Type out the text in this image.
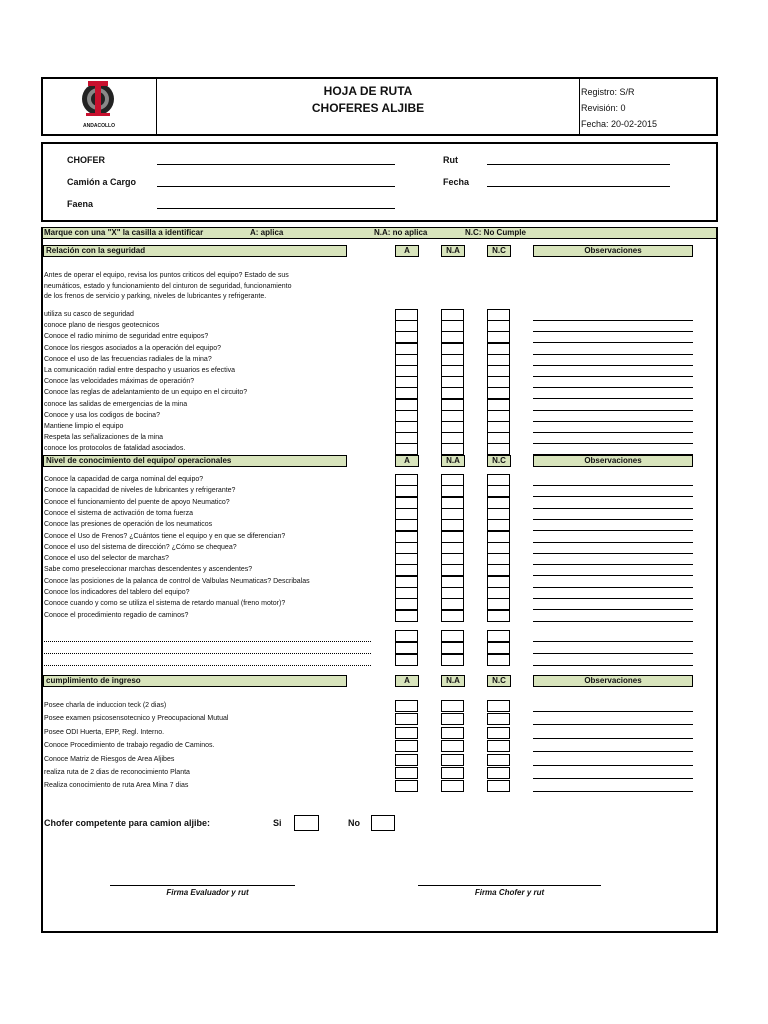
ANDACOLLO
HOJA DE RUTA
CHOFERES ALJIBE
Registro: S/R
Revisión: 0
Fecha: 20-02-2015
CHOFER
Camión a Cargo
Faena
Rut
Fecha
Marque con una "X" la casilla a identificar	A: aplica	N.A: no aplica	N.C: No Cumple
Relación con la seguridad	A	N.A	N.C	Observaciones
Antes de operar el equipo, revisa los puntos criticos del equipo? Estado de sus
neumáticos, estado y funcionamiento del cinturon de seguridad, funcionamiento
de los frenos de servicio y parking, niveles de lubricantes y refrigerante.
utiliza su casco de seguridad
conoce plano de riesgos geotecnicos
Conoce el radio minimo de seguridad entre equipos?
Conoce los riesgos asociados a la operación del equipo?
Conoce el uso de las frecuencias radiales de la mina?
La comunicación radial entre despacho y usuarios es efectiva
Conoce las velocidades máximas de operación?
Conoce las reglas de adelantamiento de un equipo en el circuito?
conoce las salidas de emergencias de la mina
Conoce y usa los codigos de bocina?
Mantiene limpio el equipo
Respeta las señalizaciones de la mina
conoce los protocolos de fatalidad asociados.
Nivel de conocimiento del equipo/ operacionales	A	N.A	N.C	Observaciones
Conoce la capacidad de carga nominal del equipo?
Conoce la capacidad de niveles de lubricantes y refrigerante?
Conoce el funcionamiento del puente de apoyo Neumatico?
Conoce el sistema de activación de toma fuerza
Conoce las presiones de operación de los neumaticos
Conoce el Uso de Frenos? ¿Cuántos tiene el equipo y en que se diferencian?
Conoce el uso del sistema de dirección? ¿Cómo se chequea?
Conoce el uso del selector de marchas?
Sabe como preseleccionar marchas descendentes y ascendentes?
Conoce las posiciones de la palanca de control de Valbulas Neumaticas? Describalas
Conoce los indicadores del tablero del equipo?
Conoce cuando y como se utiliza el sistema de retardo manual (freno motor)?
Conoce el procedimiento regadio de caminos?
cumplimiento de ingreso	A	N.A	N.C	Observaciones
Posee charla de induccion teck (2 dias)
Posee examen psicosensotecnico y Preocupacional Mutual
Posee ODI Huerta, EPP, Regl. Interno.
Conoce Procedimiento de trabajo regadio de Caminos.
Conoce Matriz de Riesgos de Area Aljibes
realiza ruta de 2 dias de reconocimiento Planta
Realiza conocimiento de ruta Area Mina 7 dias
Chofer competente para camion aljibe:	Si	No
Firma Evaluador y rut	Firma Chofer y rut
